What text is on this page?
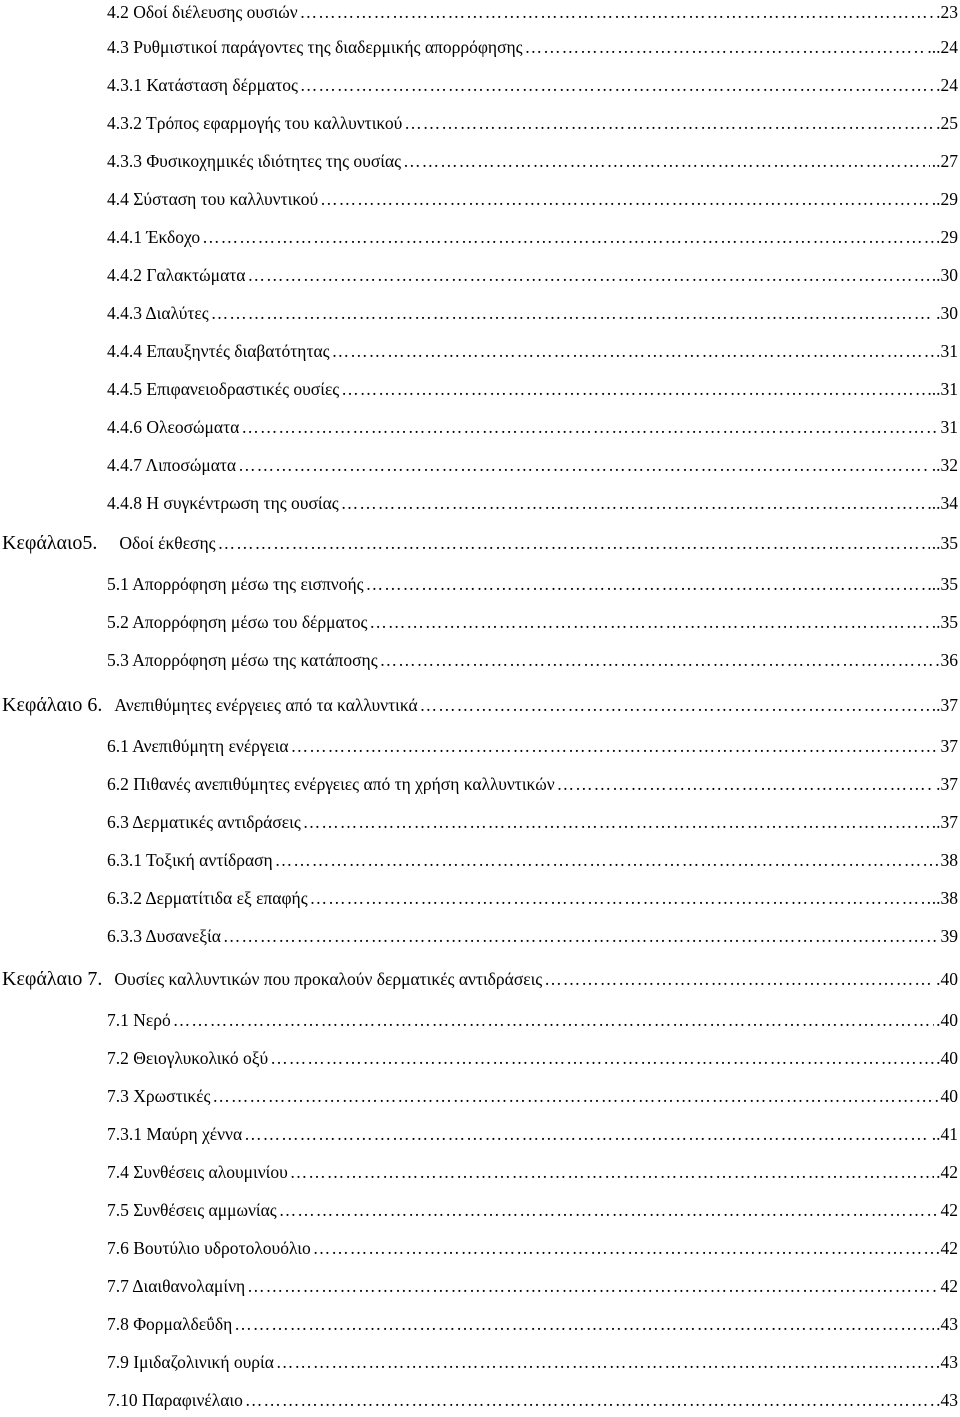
4.2 Οδοί διέλευσης ουσιών …………………………………………………………………………………………………………………………………………………………………………………………………………………	.23
4.3 Ρυθμιστικοί παράγοντες της διαδερμικής απορρόφησης …………………………………………………………………………………………………………………………………………………………………………………………………………………	...24
4.3.1 Κατάσταση δέρματος …………………………………………………………………………………………………………………………………………………………………………………………………………………	.24
4.3.2 Τρόπος εφαρμογής του καλλυντικού …………………………………………………………………………………………………………………………………………………………………………………………………………………	.25
4.3.3 Φυσικοχημικές ιδιότητες της ουσίας …………………………………………………………………………………………………………………………………………………………………………………………………………………	..27
4.4 Σύσταση του καλλυντικού …………………………………………………………………………………………………………………………………………………………………………………………………………………	..29
4.4.1 Έκδοχο …………………………………………………………………………………………………………………………………………………………………………………………………………………	29
4.4.2 Γαλακτώματα …………………………………………………………………………………………………………………………………………………………………………………………………………………	..30
4.4.3 Διαλύτες …………………………………………………………………………………………………………………………………………………………………………………………………………………	.30
4.4.4 Επαυξηντές διαβατότητας …………………………………………………………………………………………………………………………………………………………………………………………………………………	31
4.4.5 Επιφανειοδραστικές ουσίες …………………………………………………………………………………………………………………………………………………………………………………………………………………	...31
4.4.6 Ολεοσώματα …………………………………………………………………………………………………………………………………………………………………………………………………………………	31
4.4.7 Λιποσώματα …………………………………………………………………………………………………………………………………………………………………………………………………………………	..32
4.4.8 Η συγκέντρωση της ουσίας …………………………………………………………………………………………………………………………………………………………………………………………………………………	...34
Κεφάλαιο5. Οδοί έκθεσης …………………………………………………………………………………………………………………………………………………………………………………………………………………	..35
5.1 Απορρόφηση μέσω της εισπνοής …………………………………………………………………………………………………………………………………………………………………………………………………………………	...35
5.2 Απορρόφηση μέσω του δέρματος …………………………………………………………………………………………………………………………………………………………………………………………………………………	..35
5.3 Απορρόφηση μέσω της κατάποσης …………………………………………………………………………………………………………………………………………………………………………………………………………………	36
Κεφάλαιο 6. Ανεπιθύμητες ενέργειες από τα καλλυντικά …………………………………………………………………………………………………………………………………………………………………………………………………………………	..37
6.1 Ανεπιθύμητη ενέργεια …………………………………………………………………………………………………………………………………………………………………………………………………………………	37
6.2 Πιθανές ανεπιθύμητες ενέργειες από τη χρήση καλλυντικών …………………………………………………………………………………………………………………………………………………………………………………………………………………	.37
6.3 Δερματικές αντιδράσεις …………………………………………………………………………………………………………………………………………………………………………………………………………………	..37
6.3.1 Τοξική αντίδραση …………………………………………………………………………………………………………………………………………………………………………………………………………………	38
6.3.2 Δερματίτιδα εξ επαφής …………………………………………………………………………………………………………………………………………………………………………………………………………………	..38
6.3.3 Δυσανεξία …………………………………………………………………………………………………………………………………………………………………………………………………………………	39
Κεφάλαιο 7. Ουσίες καλλυντικών που προκαλούν δερματικές αντιδράσεις …………………………………………………………………………………………………………………………………………………………………………………………………………………	.40
7.1 Νερό …………………………………………………………………………………………………………………………………………………………………………………………………………………	.40
7.2 Θειογλυκολικό οξύ …………………………………………………………………………………………………………………………………………………………………………………………………………………	.40
7.3 Χρωστικές …………………………………………………………………………………………………………………………………………………………………………………………………………………	40
7.3.1 Μαύρη χέννα …………………………………………………………………………………………………………………………………………………………………………………………………………………	..41
7.4 Συνθέσεις αλουμινίου …………………………………………………………………………………………………………………………………………………………………………………………………………………	.42
7.5 Συνθέσεις αμμωνίας …………………………………………………………………………………………………………………………………………………………………………………………………………………	42
7.6 Βουτύλιο υδροτολουόλιο …………………………………………………………………………………………………………………………………………………………………………………………………………………	42
7.7 Διαιθανολαμίνη …………………………………………………………………………………………………………………………………………………………………………………………………………………	42
7.8 Φορμαλδεΰδη …………………………………………………………………………………………………………………………………………………………………………………………………………………	.43
7.9 Ιμιδαζολινική ουρία …………………………………………………………………………………………………………………………………………………………………………………………………………………	43
7.10 Παραφινέλαιο …………………………………………………………………………………………………………………………………………………………………………………………………………………	.43
